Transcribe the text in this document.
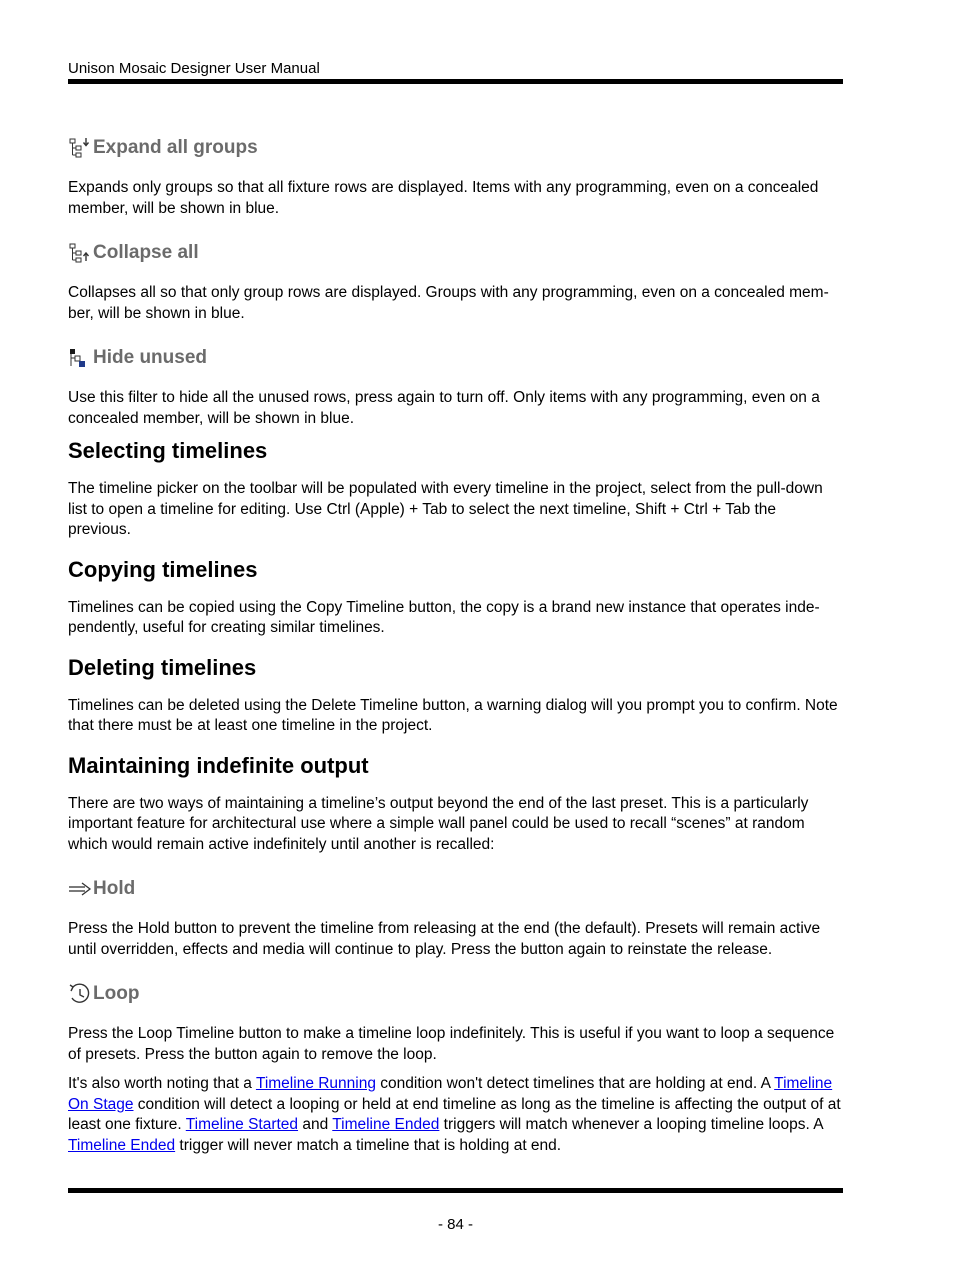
Unison Mosaic Designer User Manual
Expand all groups

Expands only groups so that all fixture rows are displayed. Items with any programming, even on a concealed member, will be shown in blue.

Collapse all

Collapses all so that only group rows are displayed. Groups with any programming, even on a concealed mem- ber, will be shown in blue.

Hide unused

Use this filter to hide all the unused rows, press again to turn off. Only items with any programming, even on a concealed member, will be shown in blue.

Selecting timelines

The timeline picker on the toolbar will be populated with every timeline in the project, select from the pull-down list to open a timeline for editing. Use Ctrl (Apple) + Tab to select the next timeline, Shift + Ctrl + Tab the previous.

Copying timelines

Timelines can be copied using the Copy Timeline button, the copy is a brand new instance that operates inde- pendently, useful for creating similar timelines.

Deleting timelines

Timelines can be deleted using the Delete Timeline button, a warning dialog will you prompt you to confirm. Note that there must be at least one timeline in the project.

Maintaining indefinite output

There are two ways of maintaining a timeline’s output beyond the end of the last preset. This is a particularly important feature for architectural use where a simple wall panel could be used to recall “scenes” at random which would remain active indefinitely until another is recalled:

Hold

Press the Hold button to prevent the timeline from releasing at the end (the default). Presets will remain active until overridden, effects and media will continue to play. Press the button again to reinstate the release.

Loop

Press the Loop Timeline button to make a timeline loop indefinitely. This is useful if you want to loop a sequence of presets. Press the button again to remove the loop.

It's also worth noting that a Timeline Running condition won't detect timelines that are holding at end. A Timeline On Stage condition will detect a looping or held at end timeline as long as the timeline is affecting the output of at least one fixture. Timeline Started and Timeline Ended triggers will match whenever a looping timeline loops. A Timeline Ended trigger will never match a timeline that is holding at end.

- 84 -
